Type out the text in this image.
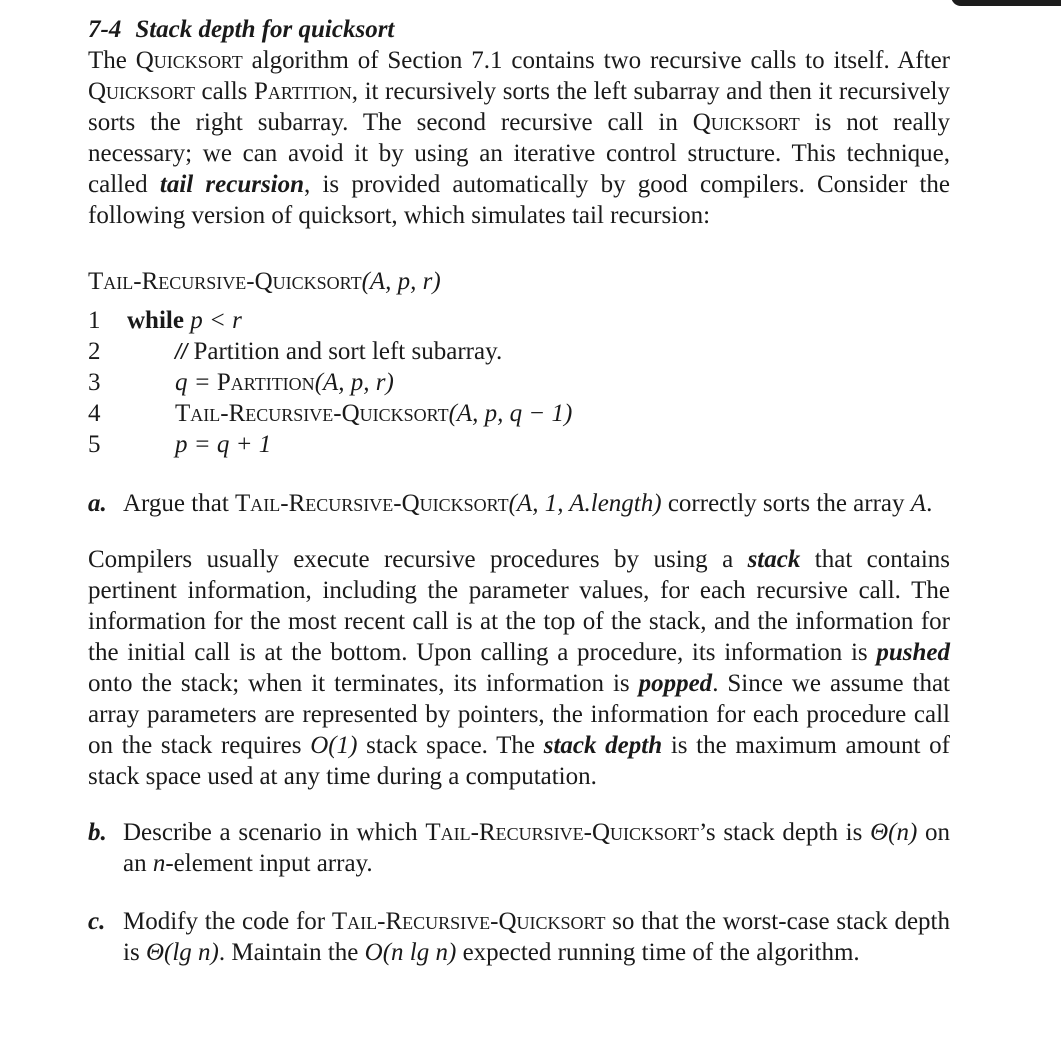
7-4 Stack depth for quicksort

The Quicksort algorithm of Section 7.1 contains two recursive calls to itself. After Quicksort calls Partition, it recursively sorts the left subarray and then it recursively sorts the right subarray. The second recursive call in Quicksort is not really necessary; we can avoid it by using an iterative control structure. This technique, called tail recursion, is provided automatically by good compilers. Consider the following version of quicksort, which simulates tail recursion:

Tail-Recursive-Quicksort(A, p, r)
1	while p < r
2	// Partition and sort left subarray.
3	q = Partition(A, p, r)
4	Tail-Recursive-Quicksort(A, p, q − 1)
5	p = q + 1
a. Argue that Tail-Recursive-Quicksort(A, 1, A.length) correctly sorts the array A.

Compilers usually execute recursive procedures by using a stack that contains pertinent information, including the parameter values, for each recursive call. The information for the most recent call is at the top of the stack, and the information for the initial call is at the bottom. Upon calling a procedure, its information is pushed onto the stack; when it terminates, its information is popped. Since we assume that array parameters are represented by pointers, the information for each procedure call on the stack requires O(1) stack space. The stack depth is the maximum amount of stack space used at any time during a computation.

b. Describe a scenario in which Tail-Recursive-Quicksort’s stack depth is Θ(n) on an n-element input array.
c. Modify the code for Tail-Recursive-Quicksort so that the worst-case stack depth is Θ(lg n). Maintain the O(n lg n) expected running time of the algorithm.
